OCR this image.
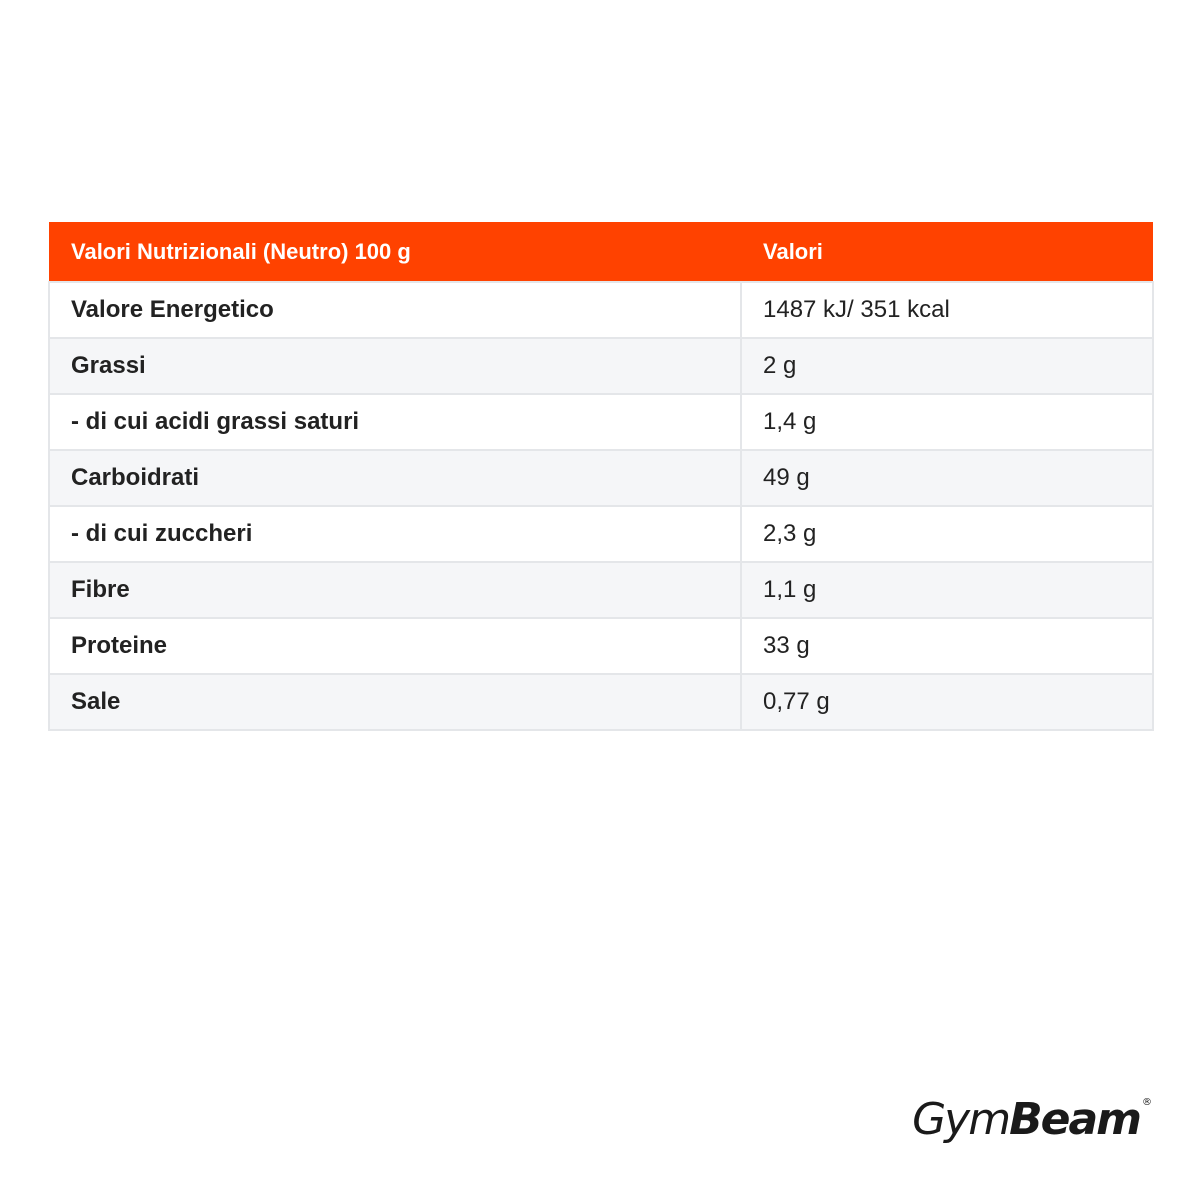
Valori Nutrizionali (Neutro) 100 g	Valori
Valore Energetico	1487 kJ/ 351 kcal
Grassi	2 g
- di cui acidi grassi saturi	1,4 g
Carboidrati	49 g
- di cui zuccheri	2,3 g
Fibre	1,1 g
Proteine	33 g
Sale	0,77 g
GymBeam ®
